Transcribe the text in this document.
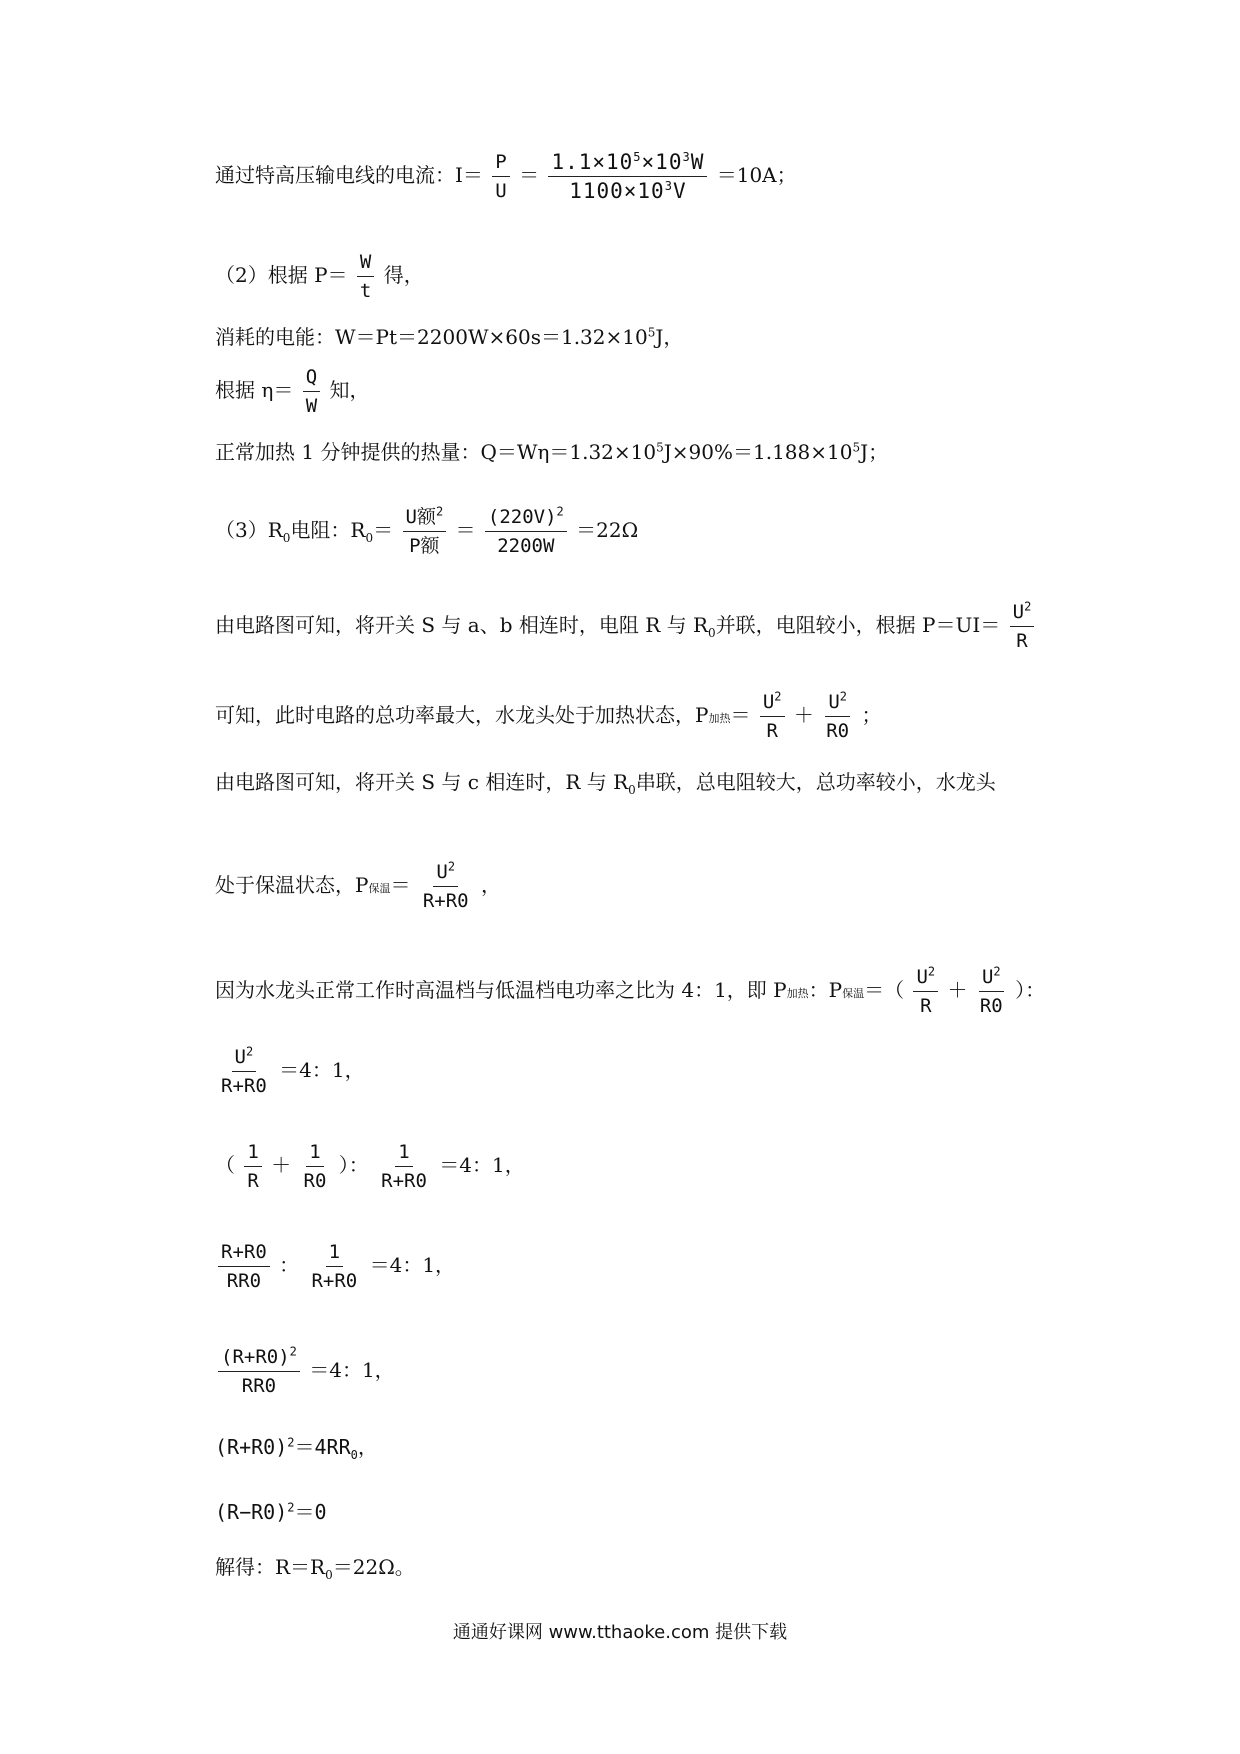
通过特高压输电线的电流：$I= \frac{P}{U} = \frac{1.1\times 10^5\times 10^3W}{1100\times 10^3V} =10A$；
（2）根据 $P= \frac{W}{t}$ 得，
消耗的电能：$W=Pt=2200W\times 60s=1.32\times 10^5J$，
根据 $\eta= \frac{Q}{W}$ 知，
正常加热 1 分钟提供的热量：$Q=W\eta=1.32\times 10^5J\times 90\%=1.188\times 10^5J$；
$(3)R_0$电阻：$R_0= \frac{U额^2}{\text{P额}} = \frac{(220V)^2}{2200W} =22\Omega$
由电路图可知，将开关 S 与 a、b 相连时，电阻 R 与 $R_0$并联，电阻较小，根据 $P=UI= \frac{U^2}{R}$
可知，此时电路的总功率最大，水龙头处于加热状态，P加热＝ $\frac{U^2}{R} + \frac{U^2}{R0}$ ；
由电路图可知，将开关 S 与 c 相连时，R 与 $R_0$串联，总电阻较大，总功率较小，水龙头
处于保温状态，P保温＝ $\frac{U^2}{R+R0}$ ，
因为水龙头正常工作时高温档与低温档电功率之比为 4：1，即 P加热：P保温＝（ $\frac{U^2}{R} + \frac{U^2}{R0}$ ）：
$\frac{U^2}{R+R0} =4$：1，
（ $\frac{1}{R} + \frac{1}{R0}$ ）： $\frac{1}{R+R0} =4$：1，
$\frac{R+R0}{RR0}$ ： $\frac{1}{R+R0} =4$：1，
$\frac{(R+R0)^2}{RR0} =4$：1，
$(R+R0)^2=4RR_0$，
$(R-R0)^2=0$
解得：$R=R_0=22\Omega$。
通通好课网 www.tthaoke.com 提供下载
